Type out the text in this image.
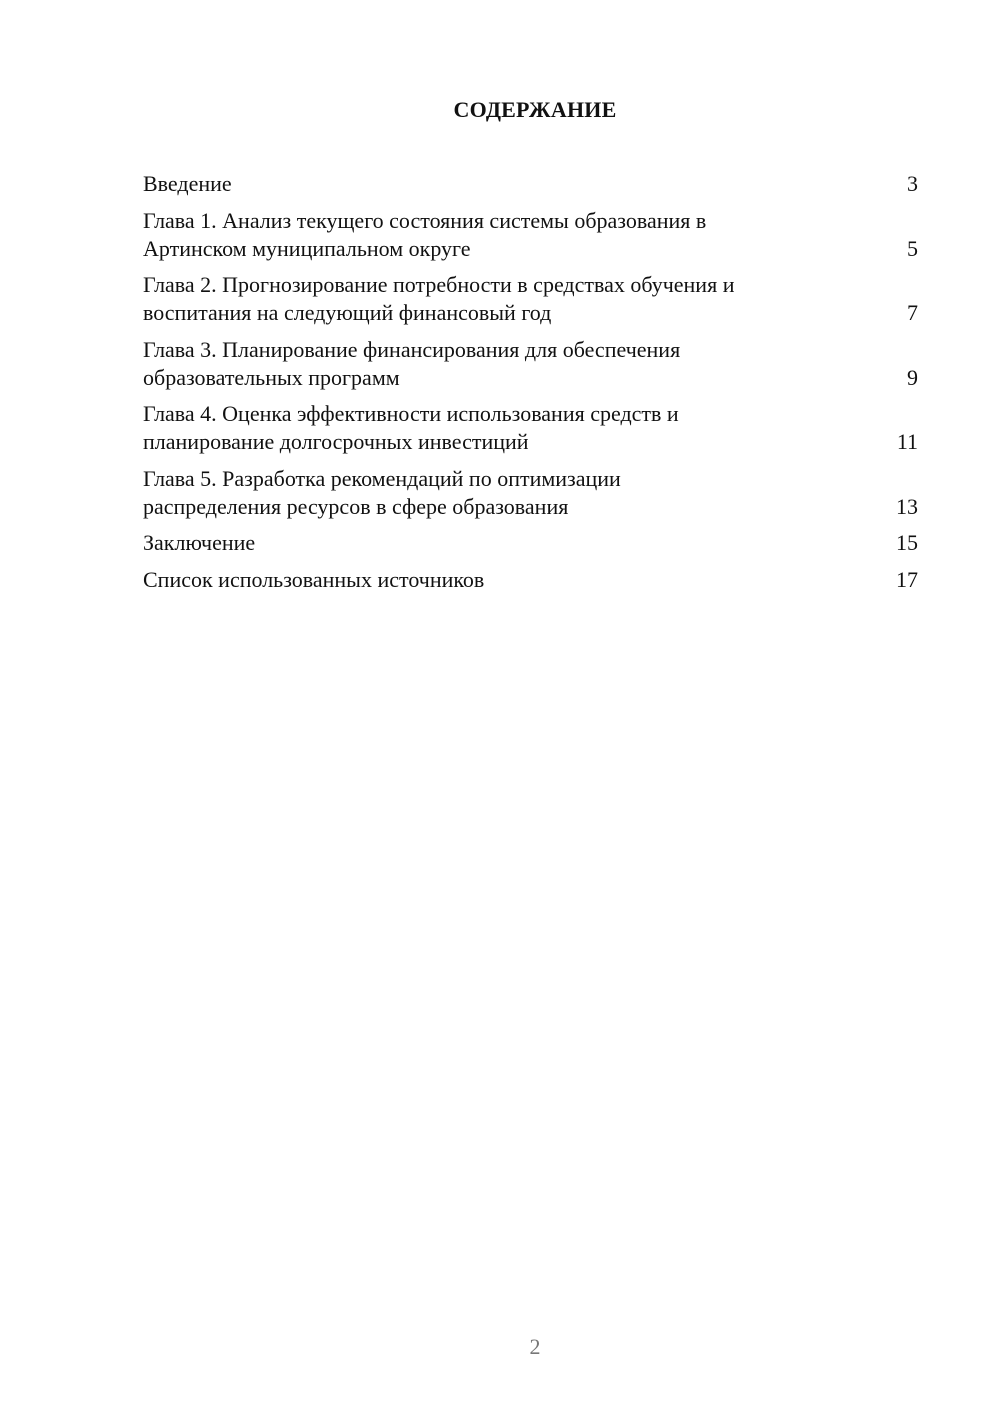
СОДЕРЖАНИЕ
Введение	3
Глава 1. Анализ текущего состояния системы образования в
Артинском муниципальном округе	5
Глава 2. Прогнозирование потребности в средствах обучения и
воспитания на следующий финансовый год	7
Глава 3. Планирование финансирования для обеспечения
образовательных программ	9
Глава 4. Оценка эффективности использования средств и
планирование долгосрочных инвестиций	11
Глава 5. Разработка рекомендаций по оптимизации
распределения ресурсов в сфере образования	13
Заключение	15
Список использованных источников	17
2
